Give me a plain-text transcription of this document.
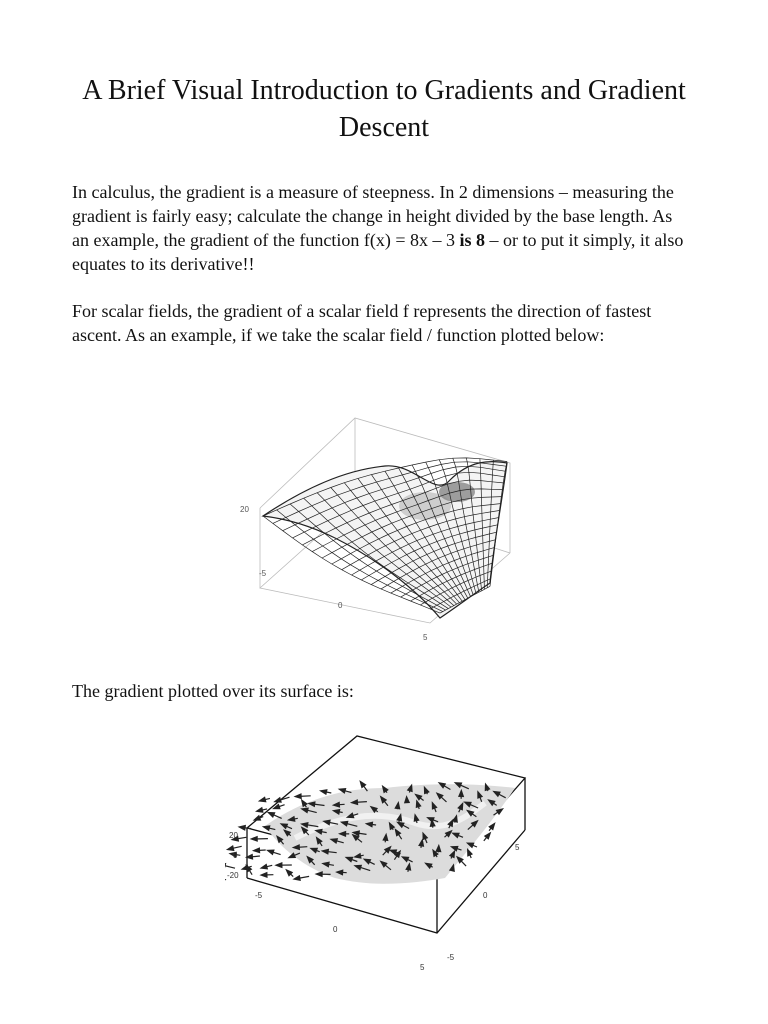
A Brief Visual Introduction to Gradients and Gradient Descent

In calculus, the gradient is a measure of steepness. In 2 dimensions – measuring the gradient is fairly easy; calculate the change in height divided by the base length. As an example, the gradient of the function f(x) = 8x – 3 is 8 – or to put it simply, it also equates to its derivative!!

For scalar fields, the gradient of a scalar field f represents the direction of fastest ascent. As an example, if we take the scalar field / function plotted below:

20
-5
0
5

The gradient plotted over its surface is:

20
0
-20
-5
0
5
-5
0
5
